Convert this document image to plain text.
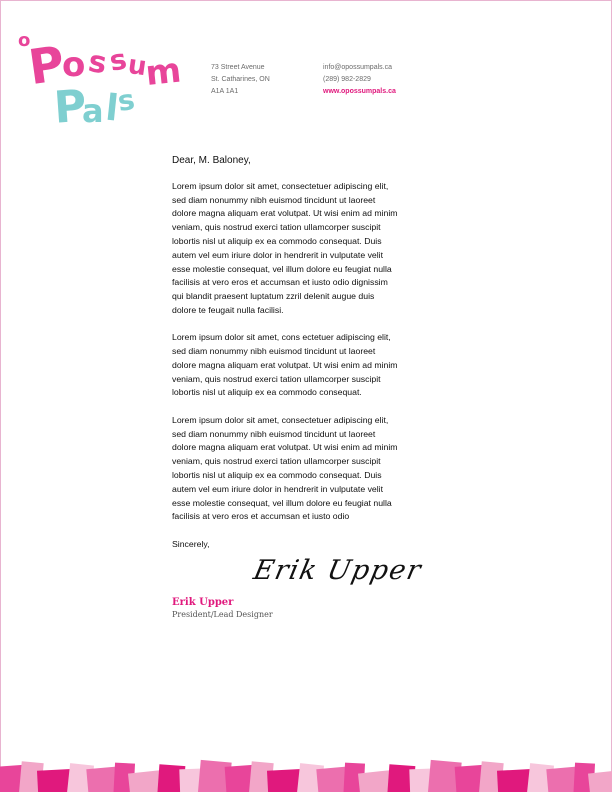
o
P
o s
s
u
m
P
a l
s
73 Street Avenue
St. Catharines, ON
A1A 1A1
info@opossumpals.ca
(289) 982-2829
www.opossumpals.ca
Dear, M. Baloney,
Lorem ipsum dolor sit amet, consectetuer adipiscing elit,
sed diam nonummy nibh euismod tincidunt ut laoreet
dolore magna aliquam erat volutpat. Ut wisi enim ad minim
veniam, quis nostrud exerci tation ullamcorper suscipit
lobortis nisl ut aliquip ex ea commodo consequat. Duis
autem vel eum iriure dolor in hendrerit in vulputate velit
esse molestie consequat, vel illum dolore eu feugiat nulla
facilisis at vero eros et accumsan et iusto odio dignissim
qui blandit praesent luptatum zzril delenit augue duis
dolore te feugait nulla facilisi.
Lorem ipsum dolor sit amet, cons ectetuer adipiscing elit,
sed diam nonummy nibh euismod tincidunt ut laoreet
dolore magna aliquam erat volutpat. Ut wisi enim ad minim
veniam, quis nostrud exerci tation ullamcorper suscipit
lobortis nisl ut aliquip ex ea commodo consequat.
Lorem ipsum dolor sit amet, consectetuer adipiscing elit,
sed diam nonummy nibh euismod tincidunt ut laoreet
dolore magna aliquam erat volutpat. Ut wisi enim ad minim
veniam, quis nostrud exerci tation ullamcorper suscipit
lobortis nisl ut aliquip ex ea commodo consequat. Duis
autem vel eum iriure dolor in hendrerit in vulputate velit
esse molestie consequat, vel illum dolore eu feugiat nulla
facilisis at vero eros et accumsan et iusto odio
Sincerely,
Erik Upper
Erik Upper
President/Lead Designer
